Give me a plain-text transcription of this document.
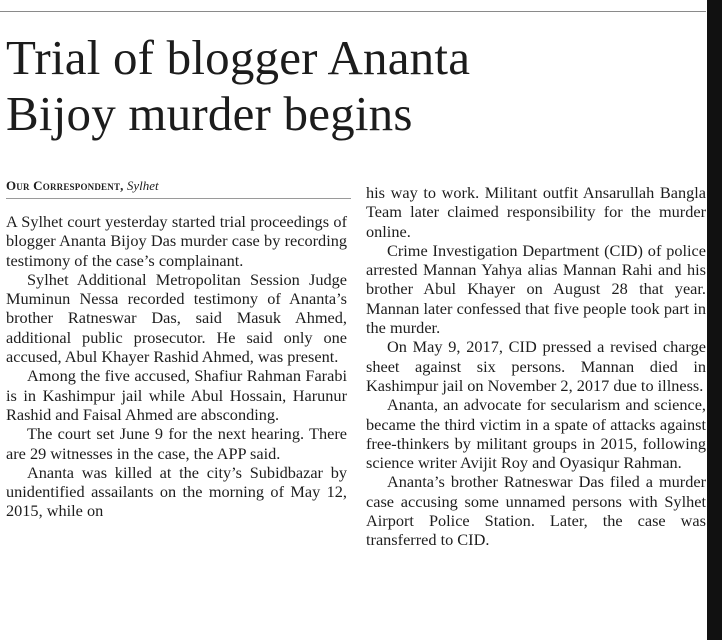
Trial of blogger Ananta
Bijoy murder begins
Our Correspondent, Sylhet

A Sylhet court yesterday started trial proceedings of blogger Ananta Bijoy Das murder case by recording testimony of the case’s complainant.

Sylhet Additional Metropolitan Session Judge Muminun Nessa recorded testimony of Ananta’s brother Ratneswar Das, said Masuk Ahmed, additional public prosecutor. He said only one accused, Abul Khayer Rashid Ahmed, was present.

Among the five accused, Shafiur Rahman Farabi is in Kashimpur jail while Abul Hossain, Harunur Rashid and Faisal Ahmed are absconding.

The court set June 9 for the next hearing. There are 29 witnesses in the case, the APP said.

Ananta was killed at the city’s Subidbazar by unidentified assailants on the morning of May 12, 2015, while on

his way to work. Militant outfit Ansarullah Bangla Team later claimed responsibility for the murder online.

Crime Investigation Department (CID) of police arrested Mannan Yahya alias Mannan Rahi and his brother Abul Khayer on August 28 that year. Mannan later confessed that five people took part in the murder.

On May 9, 2017, CID pressed a revised charge sheet against six persons. Mannan died in Kashimpur jail on November 2, 2017 due to illness.

Ananta, an advocate for secularism and science, became the third victim in a spate of attacks against free-thinkers by militant groups in 2015, following science writer Avijit Roy and Oyasiqur Rahman.

Ananta’s brother Ratneswar Das filed a murder case accusing some unnamed persons with Sylhet Airport Police Station. Later, the case was transferred to CID.
